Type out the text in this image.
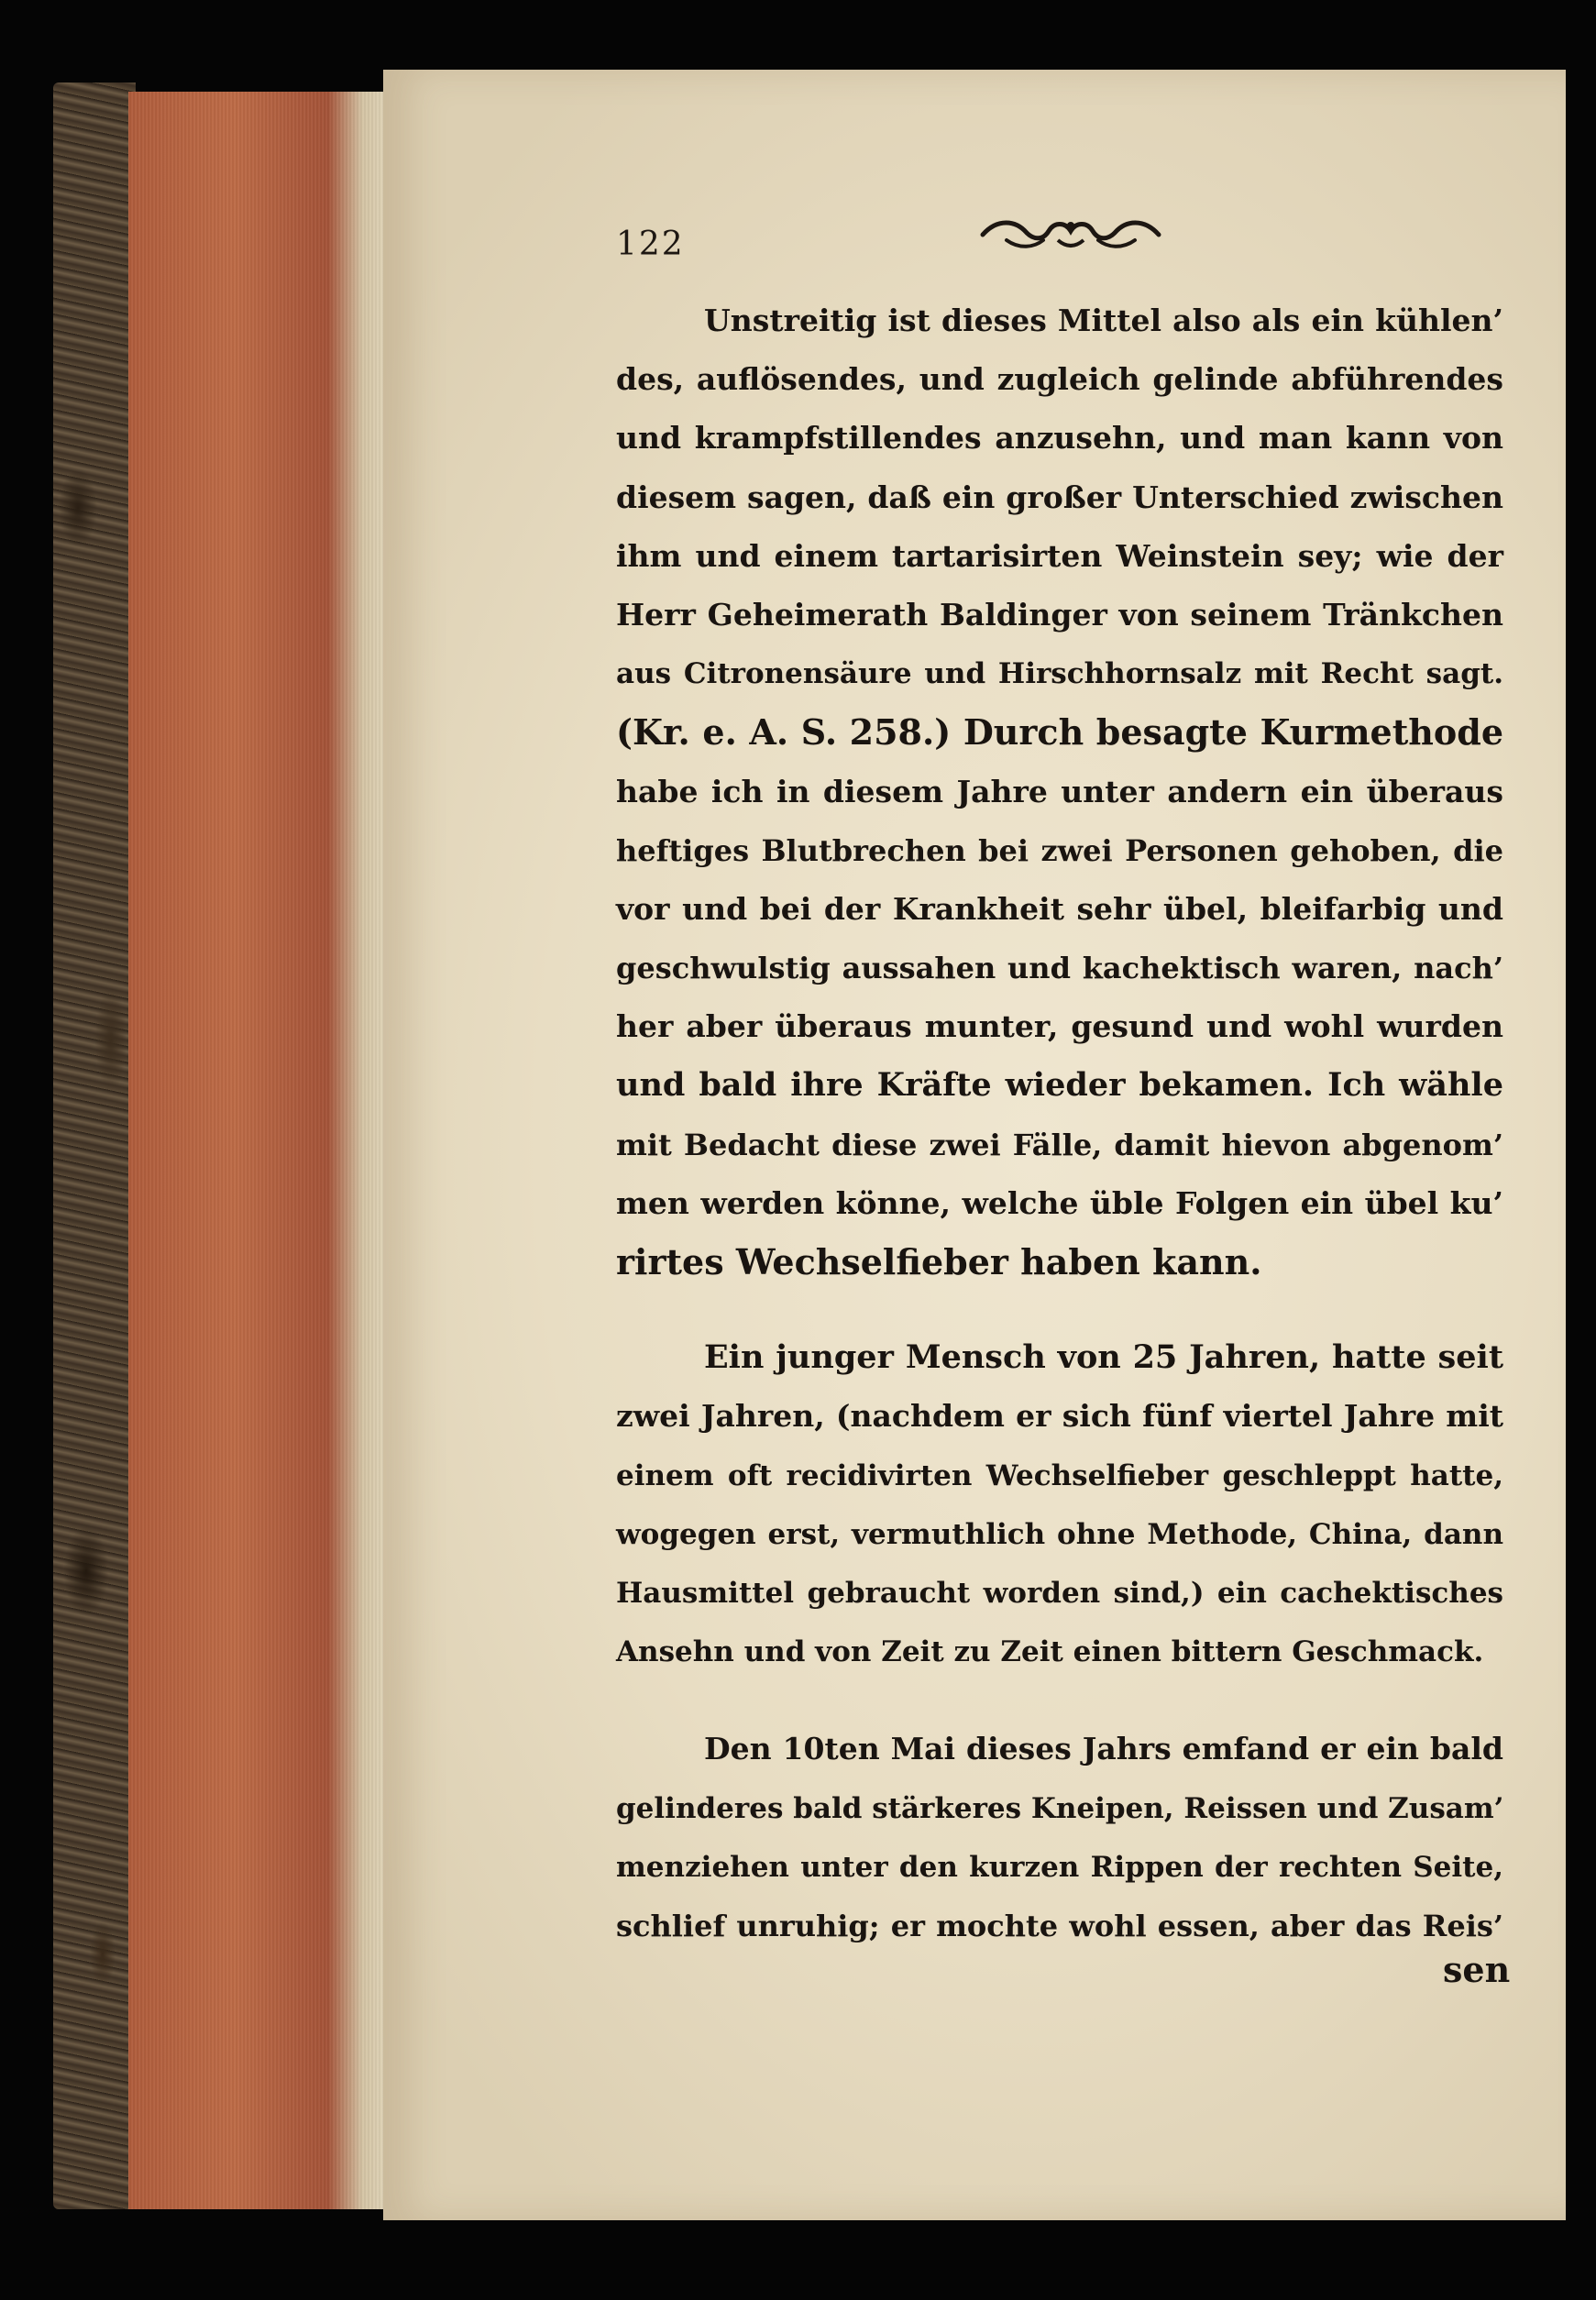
122
Unstreitig ist dieses Mittel also als ein kühlen’
des, auflösendes, und zugleich gelinde abführendes
und krampfstillendes anzusehn, und man kann von
diesem sagen, daß ein großer Unterschied zwischen
ihm und einem tartarisirten Weinstein sey; wie der
Herr Geheimerath Baldinger von seinem Tränkchen
aus Citronensäure und Hirschhornsalz mit Recht sagt.
(Kr. e. A. S. 258.) Durch besagte Kurmethode
habe ich in diesem Jahre unter andern ein überaus
heftiges Blutbrechen bei zwei Personen gehoben, die
vor und bei der Krankheit sehr übel, bleifarbig und
geschwulstig aussahen und kachektisch waren, nach’
her aber überaus munter, gesund und wohl wurden
und bald ihre Kräfte wieder bekamen. Ich wähle
mit Bedacht diese zwei Fälle, damit hievon abgenom’
men werden könne, welche üble Folgen ein übel ku’
rirtes Wechselfieber haben kann.
Ein junger Mensch von 25 Jahren, hatte seit
zwei Jahren, (nachdem er sich fünf viertel Jahre mit
einem oft recidivirten Wechselfieber geschleppt hatte,
wogegen erst, vermuthlich ohne Methode, China, dann
Hausmittel gebraucht worden sind,) ein cachektisches
Ansehn und von Zeit zu Zeit einen bittern Geschmack.
Den 10ten Mai dieses Jahrs emfand er ein bald
gelinderes bald stärkeres Kneipen, Reissen und Zusam’
menziehen unter den kurzen Rippen der rechten Seite,
schlief unruhig; er mochte wohl essen, aber das Reis’
sen
